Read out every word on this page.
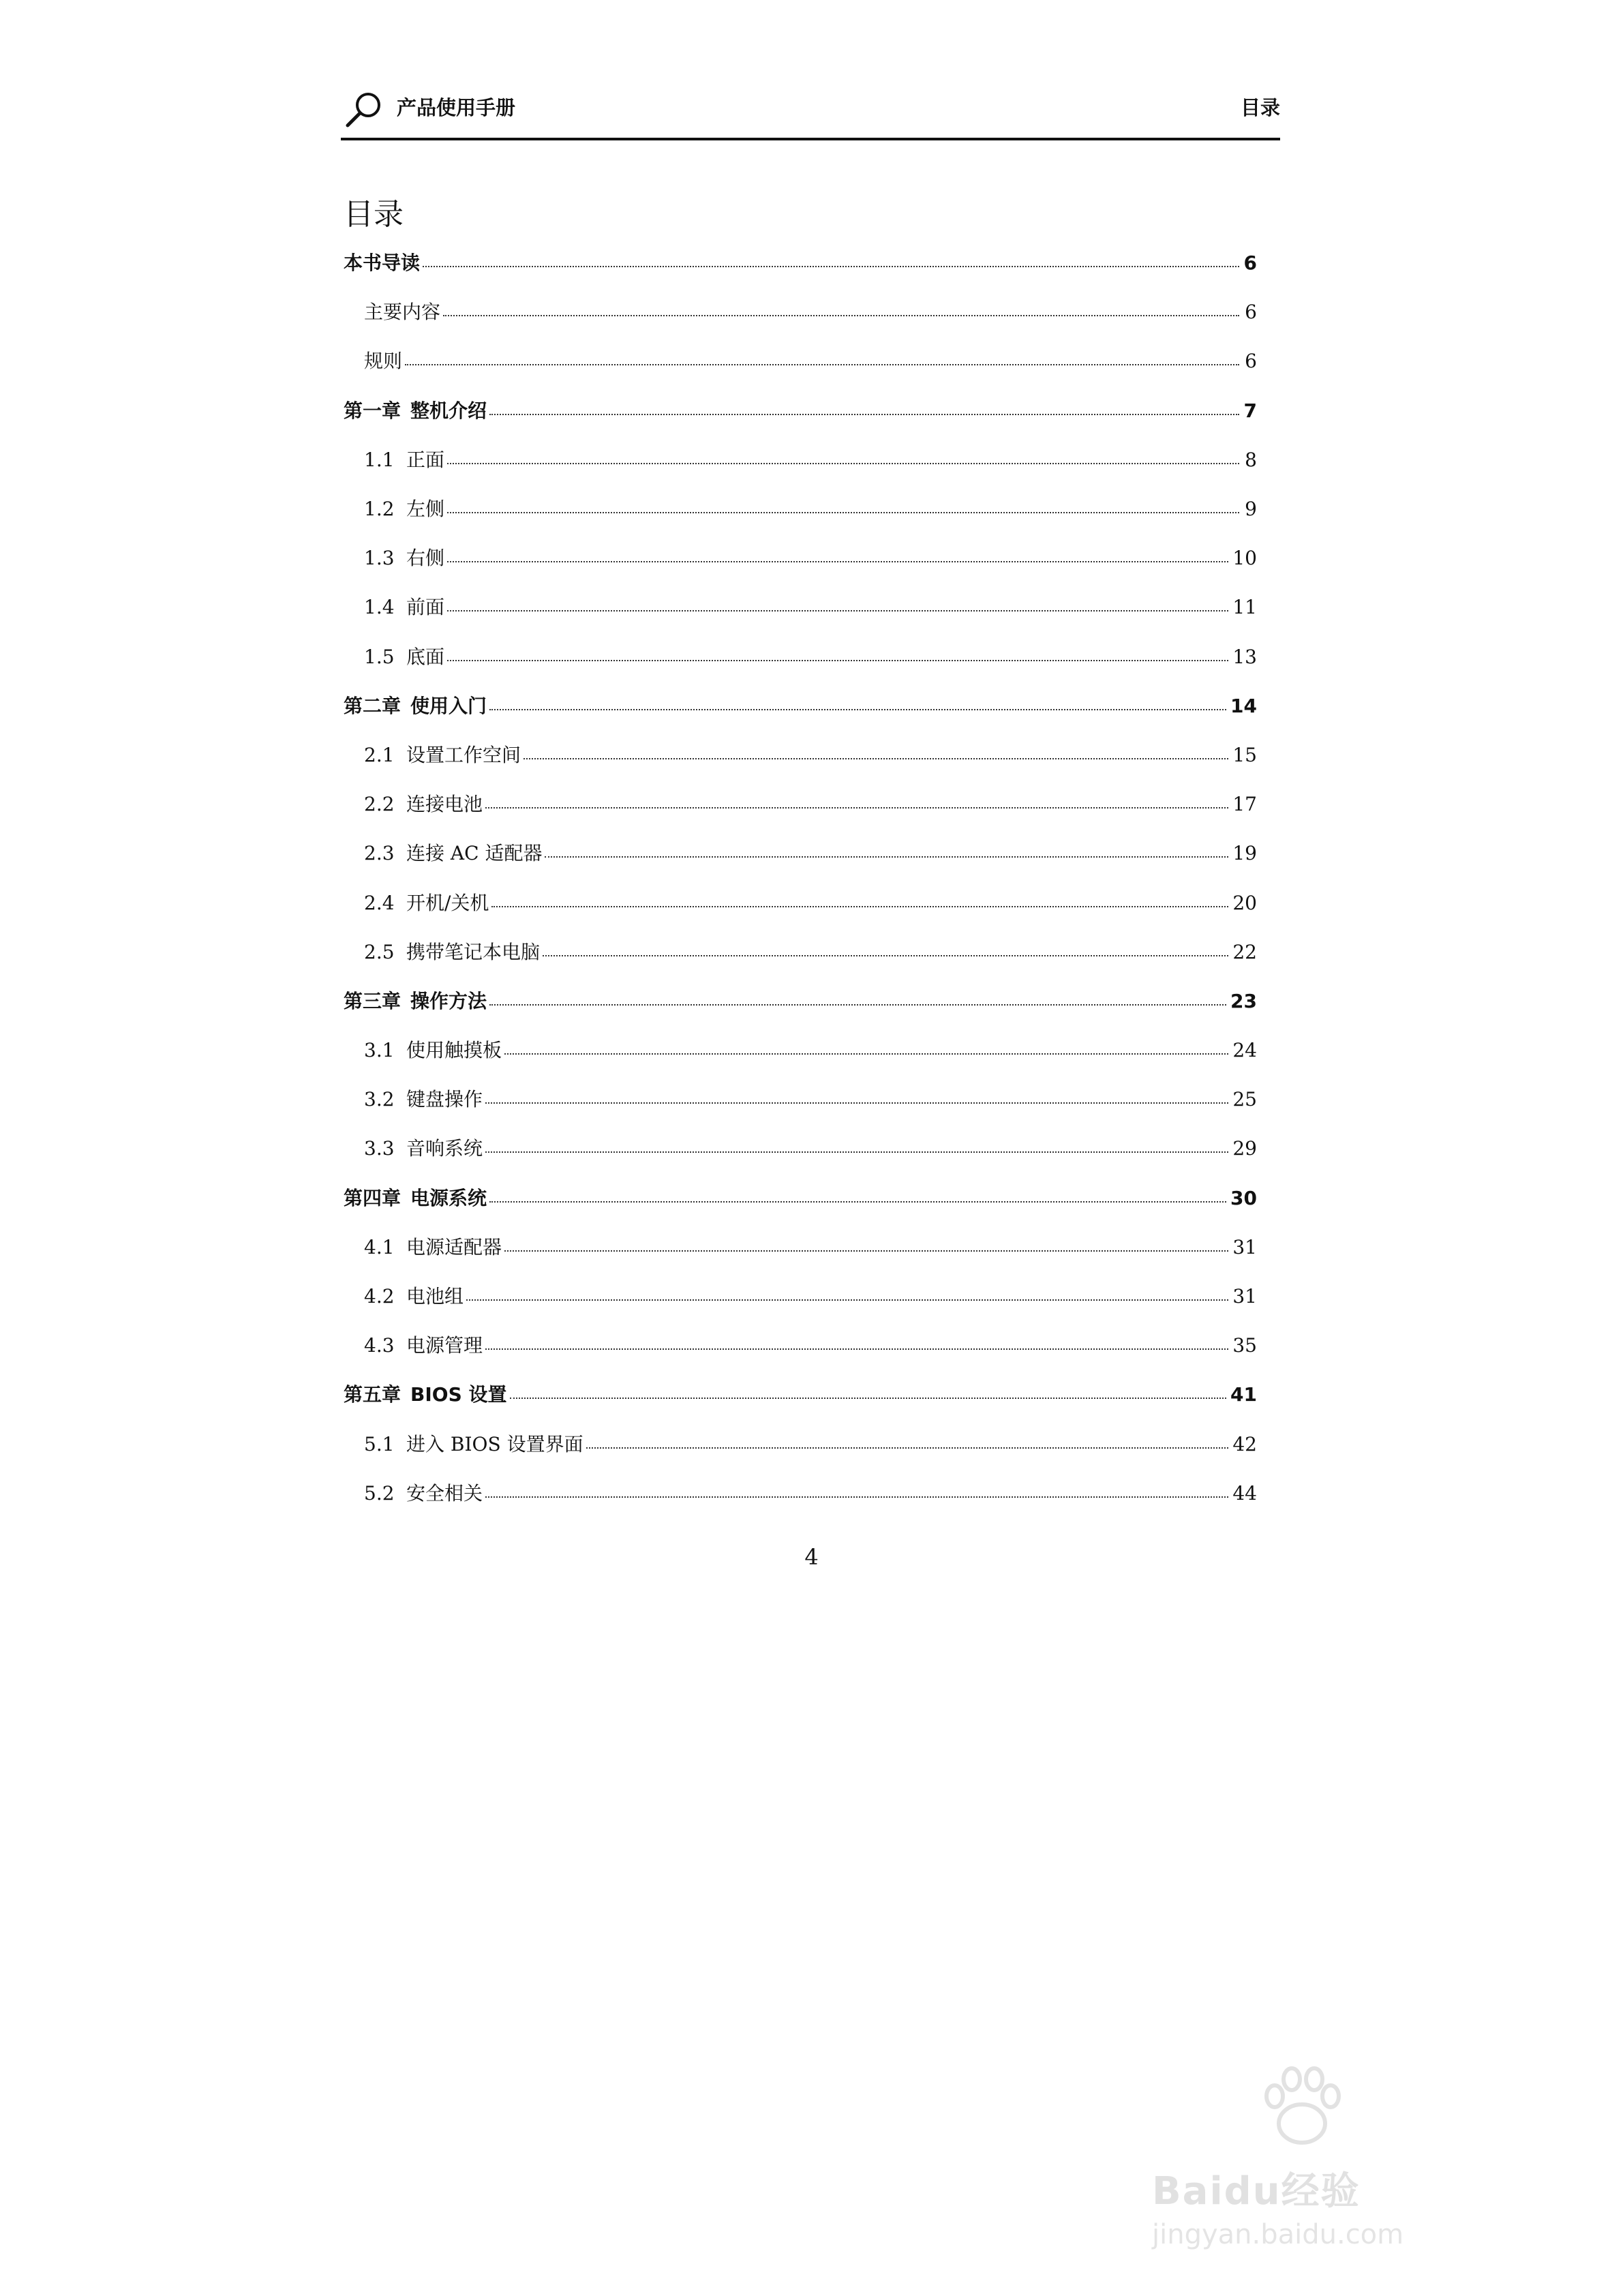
产品使用手册	目录
目录
本书导读	6
主要内容	6
规则	6
第一章 整机介绍	7
1.1 正面	8
1.2 左侧	9
1.3 右侧	10
1.4 前面	11
1.5 底面	13
第二章 使用入门	14
2.1 设置工作空间	15
2.2 连接电池	17
2.3 连接 AC 适配器	19
2.4 开机/关机	20
2.5 携带笔记本电脑	22
第三章 操作方法	23
3.1 使用触摸板	24
3.2 键盘操作	25
3.3 音响系统	29
第四章 电源系统	30
4.1 电源适配器	31
4.2 电池组	31
4.3 电源管理	35
第五章 BIOS 设置	41
5.1 进入 BIOS 设置界面	42
5.2 安全相关	44
4
Baidu经验
jingyan.baidu.com
